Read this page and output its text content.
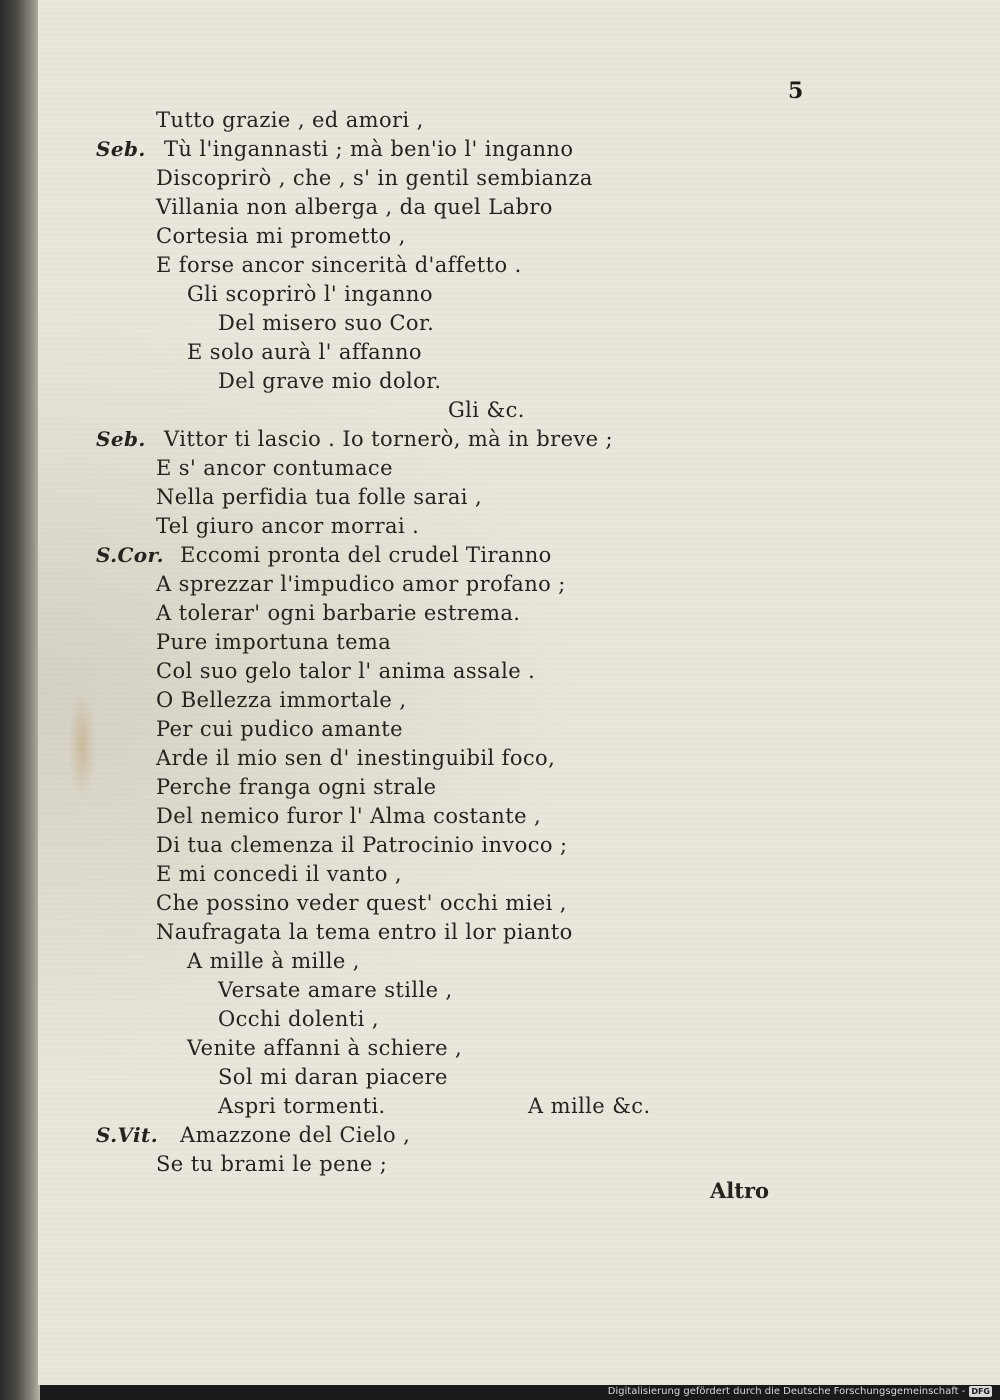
5
Tutto grazie , ed amori ,
Seb. Tù l'ingannasti ; mà ben'io l' inganno
Discoprirò , che , s' in gentil sembianza
Villania non alberga , da quel Labro
Cortesia mi prometto ,
E forse ancor sincerità d'affetto .
Gli scoprirò l' inganno
Del misero suo Cor.
E solo aurà l' affanno
Del grave mio dolor.
Gli &c.
Seb. Vittor ti lascio . Io tornerò, mà in breve ;
E s' ancor contumace
Nella perfidia tua folle sarai ,
Tel giuro ancor morrai .
S.Cor. Eccomi pronta del crudel Tiranno
A sprezzar l'impudico amor profano ;
A tolerar' ogni barbarie estrema.
Pure importuna tema
Col suo gelo talor l' anima assale .
O Bellezza immortale ,
Per cui pudico amante
Arde il mio sen d' inestinguibil foco,
Perche franga ogni strale
Del nemico furor l' Alma costante ,
Di tua clemenza il Patrocinio invoco ;
E mi concedi il vanto ,
Che possino veder quest' occhi miei ,
Naufragata la tema entro il lor pianto
A mille à mille ,
Versate amare stille ,
Occhi dolenti ,
Venite affanni à schiere ,
Sol mi daran piacere
Aspri tormenti.	A mille &c.
S.Vit. Amazzone del Cielo ,
Se tu brami le pene ;
Altro
Digitalisierung gefördert durch die Deutsche Forschungsgemeinschaft - DFG
